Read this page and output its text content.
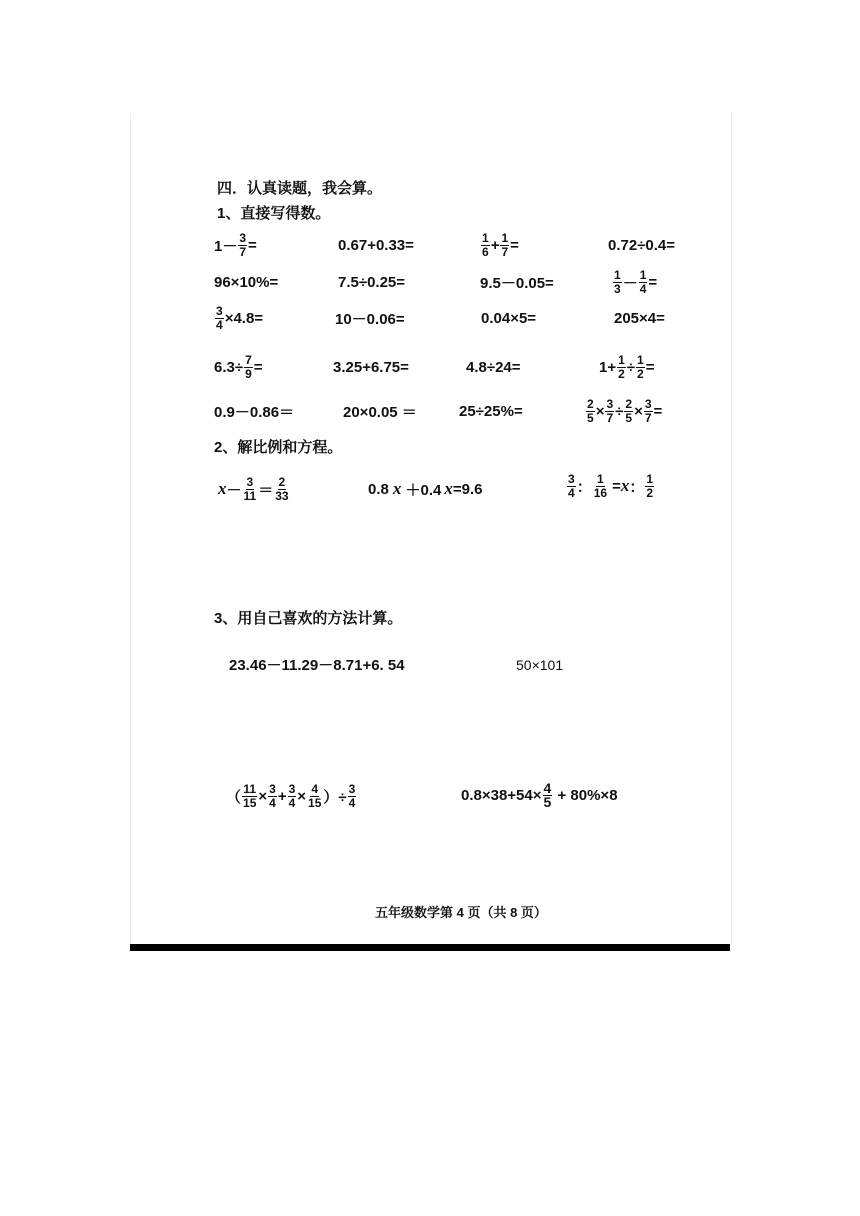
四．认真读题，我会算。
1、直接写得数。
$1- \frac{3}{7}$ =	0.67+0.33=	$\frac{1}{6} + \frac{1}{7}$ =	0.72÷0.4=
96×10%=	7.5÷0.25=	9.5－0.05=	$\frac{1}{3} - \frac{1}{4}$ =
$\frac{3}{4} \times 4.8=$	10－0.06=	0.04×5=	205×4=
$6.3\div \frac{7}{9}$ =	3.25+6.75=	4.8÷24=	$1+ \frac{1}{2} \div \frac{1}{2}$ =
0.9－0.86＝	20×0.05 ＝	25÷25%=	$\frac{2}{5} \times \frac{3}{7} \div \frac{2}{5} \times \frac{3}{7}$ =
2、解比例和方程。
$x - \frac{3}{11} = \frac{2}{33}$	0.8 x ＋0.4 x =9.6	$\frac{3}{4}$ ： $\frac{1}{16} = x$ ： $\frac{1}{2}$
3、用自己喜欢的方法计算。
23.46－11.29－8.71+6. 54	50×101
（ $\frac{11}{15} \times \frac{3}{4} + \frac{3}{4} \times \frac{4}{15}$ ）÷ $\frac{3}{4}$	$0.8\times 38+54\times \frac{4}{5} + 80\%\times 8$
五年级数学第 4 页（共 8 页）
